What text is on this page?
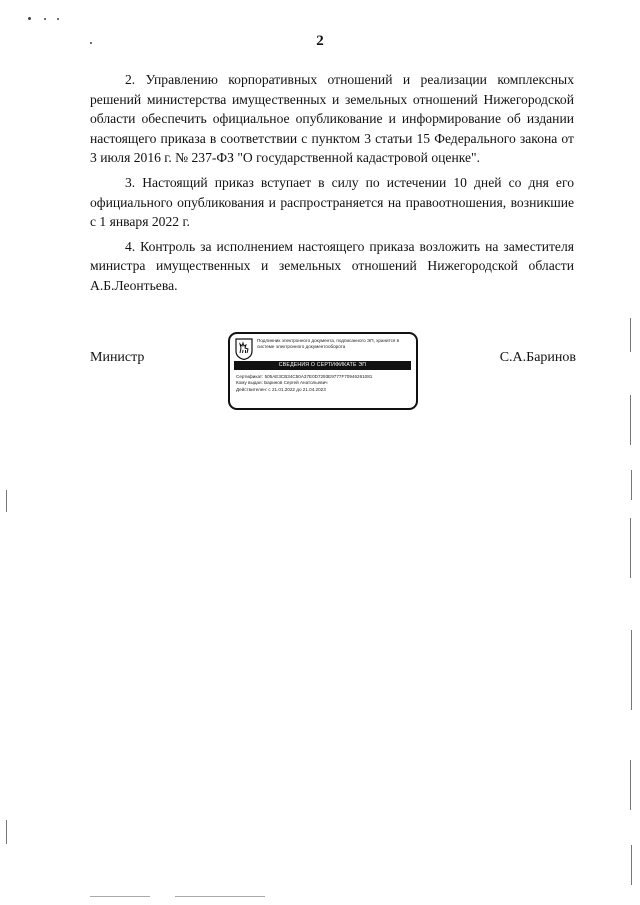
2

2. Управлению корпоративных отношений и реализации комплексных решений министерства имущественных и земельных отношений Нижегородской области обеспечить официальное опубликование и информирование об издании настоящего приказа в соответствии с пунктом 3 статьи 15 Федерального закона от 3 июля 2016 г. № 237-ФЗ "О государственной кадастровой оценке".

3. Настоящий приказ вступает в силу по истечении 10 дней со дня его официального опубликования и распространяется на правоотношения, возникшие с 1 января 2022 г.

4. Контроль за исполнением настоящего приказа возложить на заместителя министра имущественных и земельных отношений Нижегородской области А.Б.Леонтьева.

Министр
Подлинник электронного документа, подписанного ЭП, хранится в системе электронного документооборота
СВЕДЕНИЯ О СЕРТИФИКАТЕ ЭП
Сертификат: 505AE3CB34C50A37E0D7293E9777F70946261081
Кому выдан: Баринов Сергей Анатольевич
Действителен: с 21.01.2022 до 21.04.2023
С.А.Баринов
